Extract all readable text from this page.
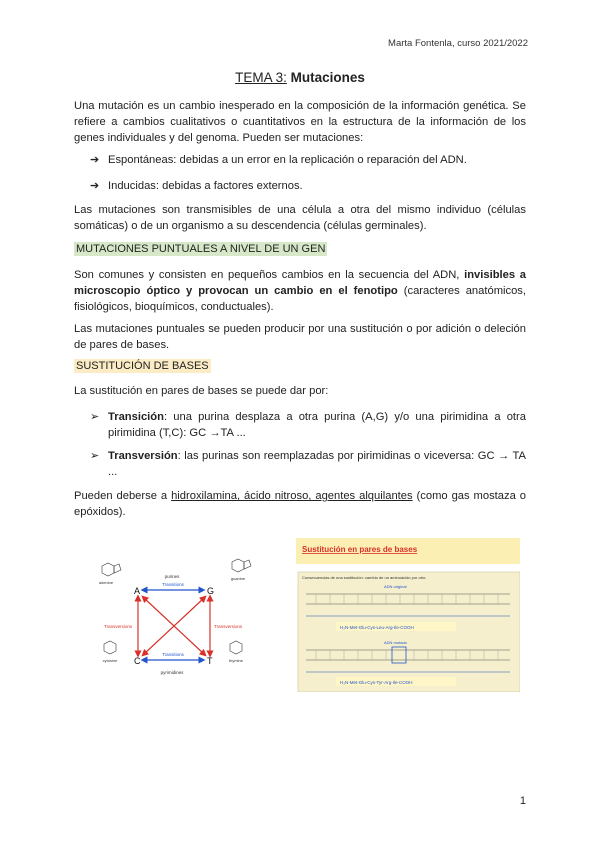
Marta Fontenla, curso 2021/2022
TEMA 3: Mutaciones

Una mutación es un cambio inesperado en la composición de la información genética. Se refiere a cambios cualitativos o cuantitativos en la estructura de la información de los genes individuales y del genoma. Pueden ser mutaciones:

➔ Espontáneas: debidas a un error en la replicación o reparación del ADN.
➔ Inducidas: debidas a factores externos.

Las mutaciones son transmisibles de una célula a otra del mismo individuo (células somáticas) o de un organismo a su descendencia (células germinales).

MUTACIONES PUNTUALES A NIVEL DE UN GEN

Son comunes y consisten en pequeños cambios en la secuencia del ADN, invisibles a microscopio óptico y provocan un cambio en el fenotipo (caracteres anatómicos, fisiológicos, bioquímicos, conductuales).

Las mutaciones puntuales se pueden producir por una sustitución o por adición o deleción de pares de bases.

SUSTITUCIÓN DE BASES

La sustitución en pares de bases se puede dar por:

➢ Transición: una purina desplaza a otra purina (A,G) y/o una pirimidina a otra pirimidina (T,C): GC →TA ...
➢ Transversión: las purinas son reemplazadas por pirimidinas o viceversa: GC → TA ...

Pueden deberse a hidroxilamina, ácido nitroso, agentes alquilantes (como gas mostaza o epóxidos).

adenine
guanine
cytosine	thymine
A	G
C	T
purines
pyrimidines
Transitions
Transitions
Transversions	Transversions
Sustitución en pares de bases
Consecuencias de una sustitución: cambio de un aminoácido por otro.
ADN original
H₂N-Met-Glu-Cys-Leu-Arg-Ile-COOH
ADN mutado
H₂N-Met-Glu-Cys-Tyr-Arg-Ile-COOH
1
